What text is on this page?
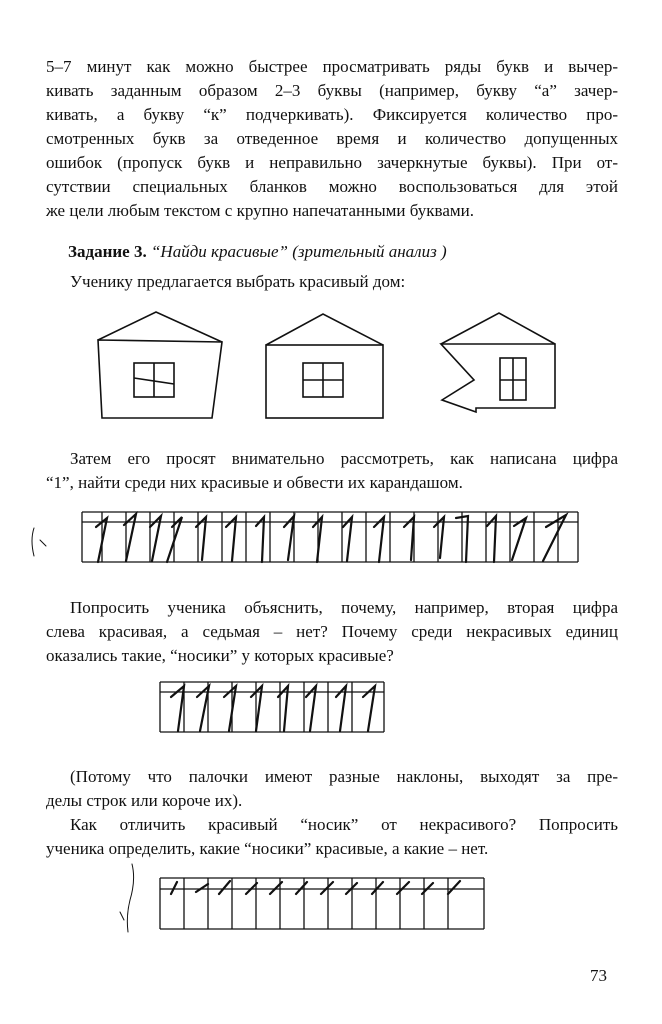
5–7 минут как можно быстрее просматривать ряды букв и вычер-
кивать заданным образом 2–3 буквы (например, букву “а” зачер-
кивать, а букву “к” подчеркивать). Фиксируется количество про-
смотренных букв за отведенное время и количество допущенных
ошибок (пропуск букв и неправильно зачеркнутые буквы). При от-
сутствии специальных бланков можно воспользоваться для этой
же цели любым текстом с крупно напечатанными буквами.

Задание 3. “Найди красивые” (зрительный анализ )

Ученику предлагается выбрать красивый дом:

Затем его просят внимательно рассмотреть, как написана цифра
“1”, найти среди них красивые и обвести их карандашом.

Попросить ученика объяснить, почему, например, вторая цифра
слева красивая, а седьмая – нет? Почему среди некрасивых единиц
оказались такие, “носики” у которых красивые?

(Потому что палочки имеют разные наклоны, выходят за пре-
делы строк или короче их).

Как отличить красивый “носик” от некрасивого? Попросить
ученика определить, какие “носики” красивые, а какие – нет.

73
